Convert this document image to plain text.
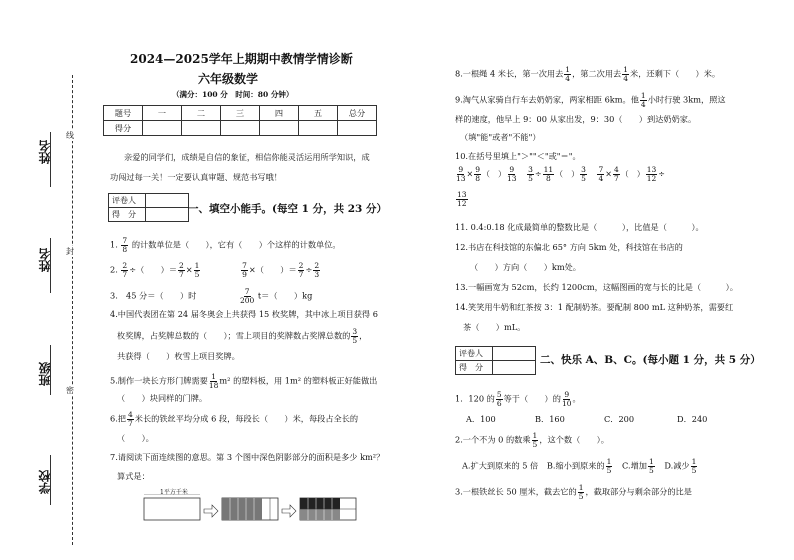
姓名
姓名
班级
学校
线
封
密
2024—2025学年上期期中教情学情诊断
六年级数学
（满分：100 分　时间：80 分钟）
题号	一	二	三	四	五	总分
得分						
亲爱的同学们，成绩是自信的象征，相信你能灵活运用所学知识，成
功闯过每一关！一定要认真审题、规范书写哦！
评卷人	
得　分		一、填空小能手。(每空 1 分，共 23 分）
1. $\frac{7}{8}$ 的计数单位是（　　），它有（　　）个这样的计数单位。
2. $\frac{2}{7}$ ÷（　　）＝ $\frac{2}{7} \times \frac{1}{5}$
	$\frac{7}{9}$ ×（　　）＝ $\frac{2}{7} \div \frac{2}{3}$
3.　45 分＝（　　）时	$\frac{7}{200} t=$（　　）kg
4.中国代表团在第 24 届冬奥会上共获得 15 枚奖牌，其中冰上项目获得 6
枚奖牌，占奖牌总数的（　　）；雪上项目的奖牌数占奖牌总数的 $\frac{3}{5}$ ，
共获得（　　）枚雪上项目奖牌。
5.制作一块长方形门牌需要 $\frac{1}{18} m^2$ 的塑料板，用 1m² 的塑料板正好能做出
（　　）块同样的门牌。
6.把 $\frac{4}{7}$ 米长的铁丝平均分成 6 段，每段长（　　）米，每段占全长的
（　　）。
7.请阅读下面连续图的意思。第 3 个图中深色阴影部分的面积是多少 km²？
算式是：
1平方千米
8.一根绳 4 米长，第一次用去 $\frac{1}{4}$ ，第二次用去 $\frac{1}{4}$ 米，还剩下（　　）米。
9.淘气从家骑自行车去奶奶家，两家相距 6km。他 $\frac{1}{4}$ 小时行驶 3km，照这
样的速度，他早上 9：00 从家出发，9：30（　　）到达奶奶家。
（填"能"或者"不能"）
10.在括号里填上"＞""＜"或"＝"。
$\frac{9}{13} \times \frac{9}{8}$ （　） $\frac{9}{13}$
$\frac{3}{5} \div \frac{11}{8}$ （　） $\frac{3}{5}$
$\frac{7}{4} \times \frac{4}{7}$ （　） $\frac{13}{12}$ ÷
$\frac{13}{12}$
11. 0.4:0.18 化成最简单的整数比是（　　　），比值是（　　　）。
12.书店在科技馆的东偏北 65° 方向 5km 处，科技馆在书店的
（　　）方向（　　）km处。
13.一幅画宽为 52cm，长约 1200cm，这幅图画的宽与长的比是（　　　）。
14.笑笑用牛奶和红茶按 3：1 配制奶茶。要配制 800 mL 这种奶茶，需要红
茶（　　）mL。
评卷人	
得　分	
二、快乐 A、B、C。(每小题 1 分，共 5 分）
1．120 的 $\frac{5}{6}$ 等于（　　）的 $\frac{9}{10}$ 。
A．100	B．160	C．200	D．240
2.一个不为 0 的数乘 $\frac{1}{5}$ ，这个数（　　）。
A.扩大到原来的 5 倍 B.缩小到原来的 $\frac{1}{5} C$.增加 $\frac{1}{5} D$.减少 $\frac{1}{5}$
3.一根铁丝长 50 厘米，截去它的 $\frac{1}{5}$ ，截取部分与剩余部分的比是
